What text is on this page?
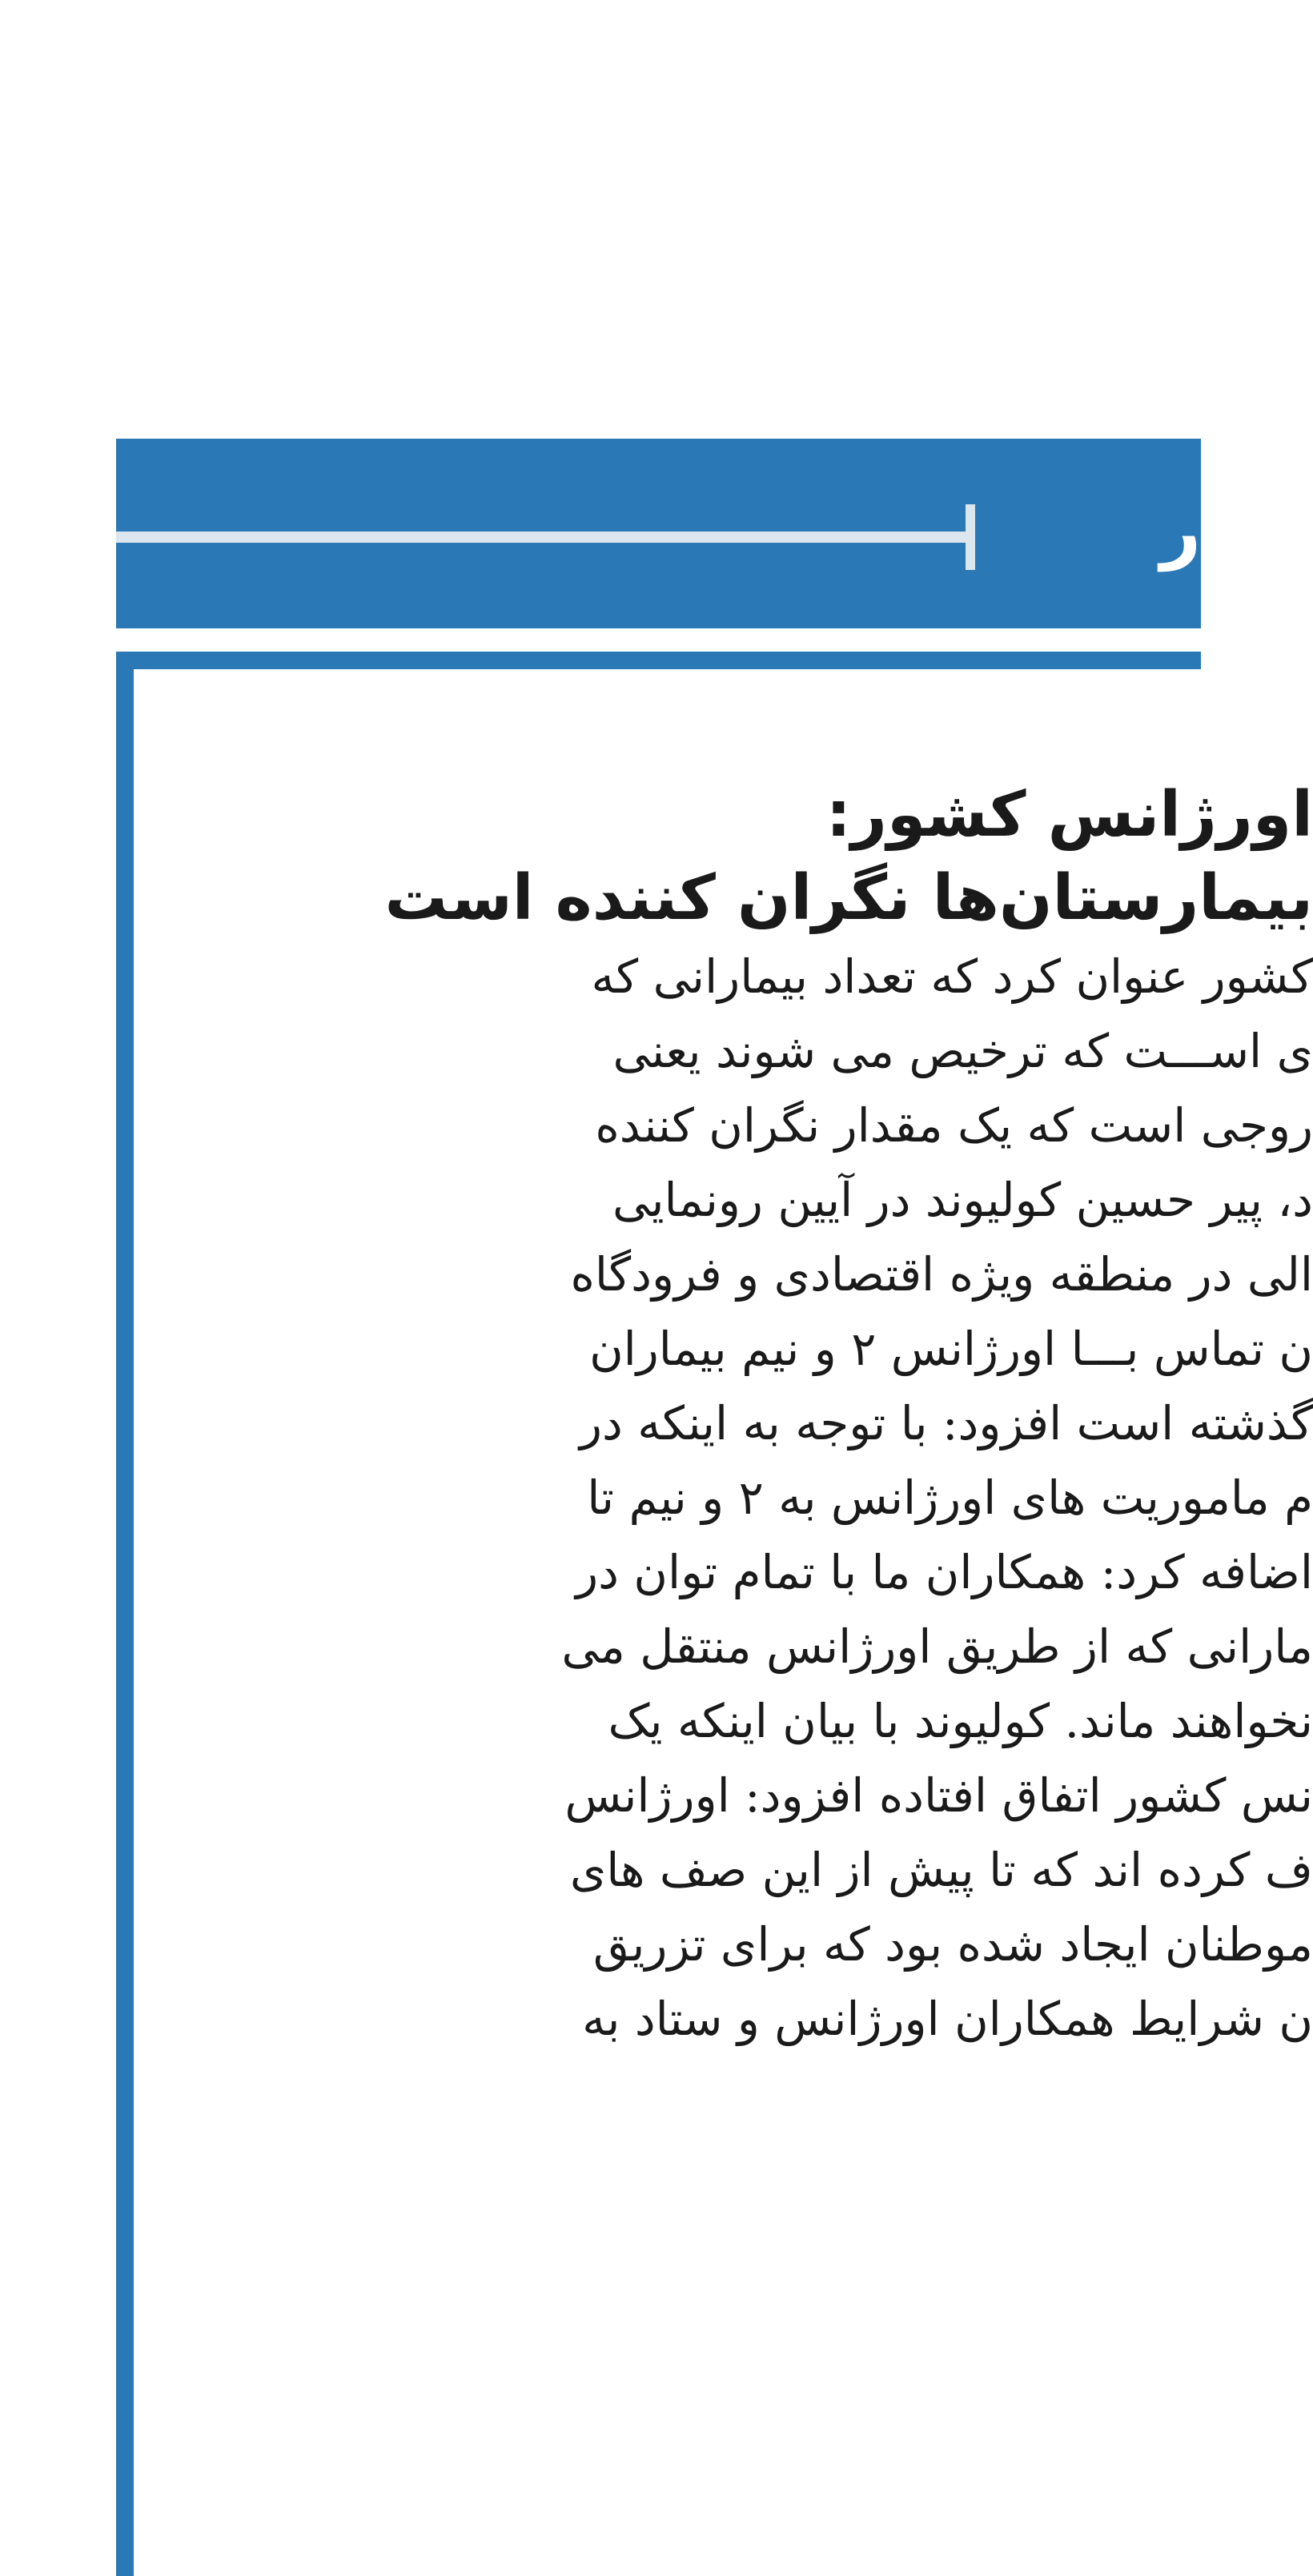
ر

اورژانس کشور:

بیمارستان‌ها نگران کننده است

کشور عنوان کرد که تعداد بیمارانی که

ی اســـت که ترخیص می شوند یعنی

روجی است که یک مقدار نگران کننده

د، پیر حسین کولیوند در آیین رونمایی

الی در منطقه ویژه اقتصادی و فرودگاه

ن تماس بـــا اورژانس ۲ و نیم بیماران

گذشته است افزود: با توجه به اینکه در

م ماموریت های اورژانس به ۲ و نیم تا

اضافه کرد: همکاران ما با تمام توان در

مارانی که از طریق اورژانس منتقل می

نخواهند ماند. کولیوند با بیان اینکه یک

نس کشور اتفاق افتاده افزود: اورژانس

ف کرده اند که تا پیش از این صف های

موطنان ایجاد شده بود که برای تزریق

ن شرایط همکاران اورژانس و ستاد به
